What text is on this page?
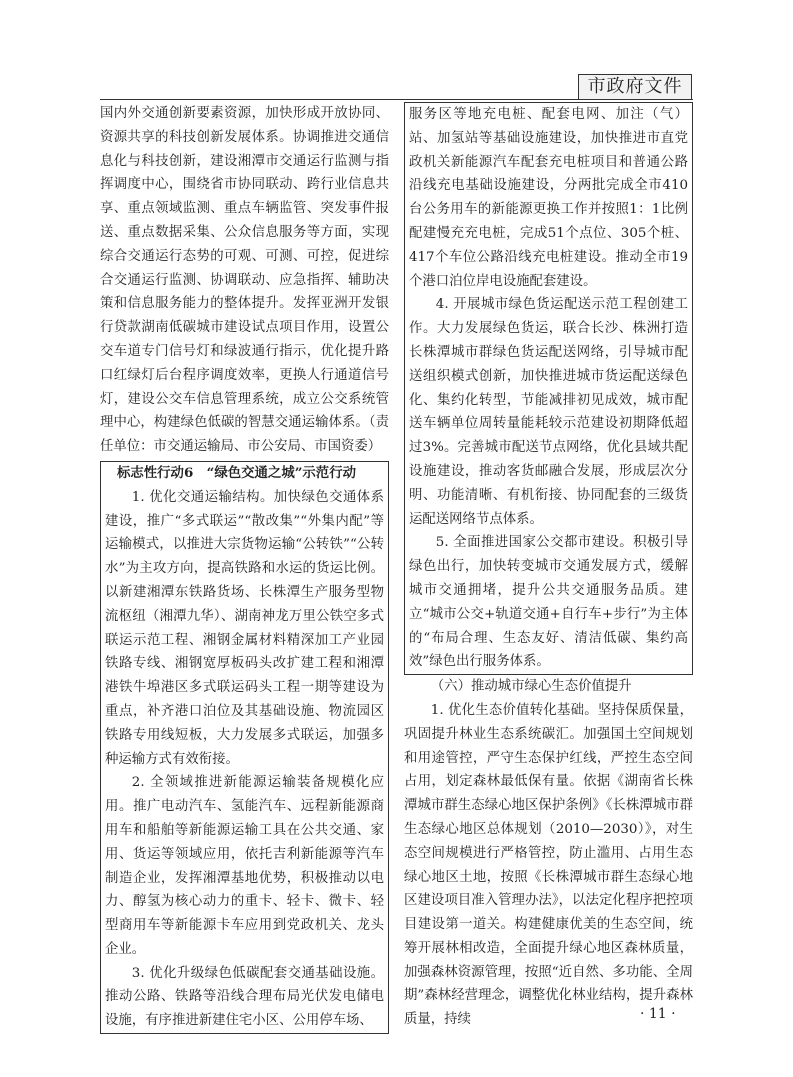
市政府文件

国内外交通创新要素资源，加快形成开放协同、资源共享的科技创新发展体系。协调推进交通信息化与科技创新，建设湘潭市交通运行监测与指挥调度中心，围绕省市协同联动、跨行业信息共享、重点领域监测、重点车辆监管、突发事件报送、重点数据采集、公众信息服务等方面，实现综合交通运行态势的可观、可测、可控，促进综合交通运行监测、协调联动、应急指挥、辅助决策和信息服务能力的整体提升。发挥亚洲开发银行贷款湖南低碳城市建设试点项目作用，设置公交车道专门信号灯和绿波通行指示，优化提升路口红绿灯后台程序调度效率，更换人行通道信号灯，建设公交车信息管理系统，成立公交系统管理中心，构建绿色低碳的智慧交通运输体系。（责任单位：市交通运输局、市公安局、市国资委）

标志性行动6　“绿色交通之城”示范行动

1. 优化交通运输结构。加快绿色交通体系建设，推广“多式联运”“散改集”“外集内配”等运输模式，以推进大宗货物运输“公转铁”“公转水”为主攻方向，提高铁路和水运的货运比例。以新建湘潭东铁路货场、长株潭生产服务型物流枢纽（湘潭九华）、湖南神龙万里公铁空多式联运示范工程、湘钢金属材料精深加工产业园铁路专线、湘钢宽厚板码头改扩建工程和湘潭港铁牛埠港区多式联运码头工程一期等建设为重点，补齐港口泊位及其基础设施、物流园区铁路专用线短板，大力发展多式联运，加强多种运输方式有效衔接。

2. 全领域推进新能源运输装备规模化应用。推广电动汽车、氢能汽车、远程新能源商用车和船舶等新能源运输工具在公共交通、家用、货运等领域应用，依托吉利新能源等汽车制造企业，发挥湘潭基地优势，积极推动以电力、醇氢为核心动力的重卡、轻卡、微卡、轻型商用车等新能源卡车应用到党政机关、龙头企业。

3. 优化升级绿色低碳配套交通基础设施。推动公路、铁路等沿线合理布局光伏发电储电设施，有序推进新建住宅小区、公用停车场、

服务区等地充电桩、配套电网、加注（气）站、加氢站等基础设施建设，加快推进市直党政机关新能源汽车配套充电桩项目和普通公路沿线充电基础设施建设，分两批完成全市410台公务用车的新能源更换工作并按照1：1比例配建慢充充电桩，完成51个点位、305个桩、417个车位公路沿线充电桩建设。推动全市19个港口泊位岸电设施配套建设。

4. 开展城市绿色货运配送示范工程创建工作。大力发展绿色货运，联合长沙、株洲打造长株潭城市群绿色货运配送网络，引导城市配送组织模式创新，加快推进城市货运配送绿色化、集约化转型，节能减排初见成效，城市配送车辆单位周转量能耗较示范建设初期降低超过3%。完善城市配送节点网络，优化县域共配设施建设，推动客货邮融合发展，形成层次分明、功能清晰、有机衔接、协同配套的三级货运配送网络节点体系。

5. 全面推进国家公交都市建设。积极引导绿色出行，加快转变城市交通发展方式，缓解城市交通拥堵，提升公共交通服务品质。建立“城市公交+轨道交通+自行车+步行”为主体的“布局合理、生态友好、清洁低碳、集约高效”绿色出行服务体系。

（六）推动城市绿心生态价值提升

1. 优化生态价值转化基础。坚持保质保量，巩固提升林业生态系统碳汇。加强国土空间规划和用途管控，严守生态保护红线，严控生态空间占用，划定森林最低保有量。依据《湖南省长株潭城市群生态绿心地区保护条例》《长株潭城市群生态绿心地区总体规划（2010—2030）》，对生态空间规模进行严格管控，防止滥用、占用生态绿心地区土地，按照《长株潭城市群生态绿心地区建设项目准入管理办法》，以法定化程序把控项目建设第一道关。构建健康优美的生态空间，统筹开展林相改造，全面提升绿心地区森林质量，加强森林资源管理，按照“近自然、多功能、全周期”森林经营理念，调整优化林业结构，提升森林质量，持续	· 11 ·
